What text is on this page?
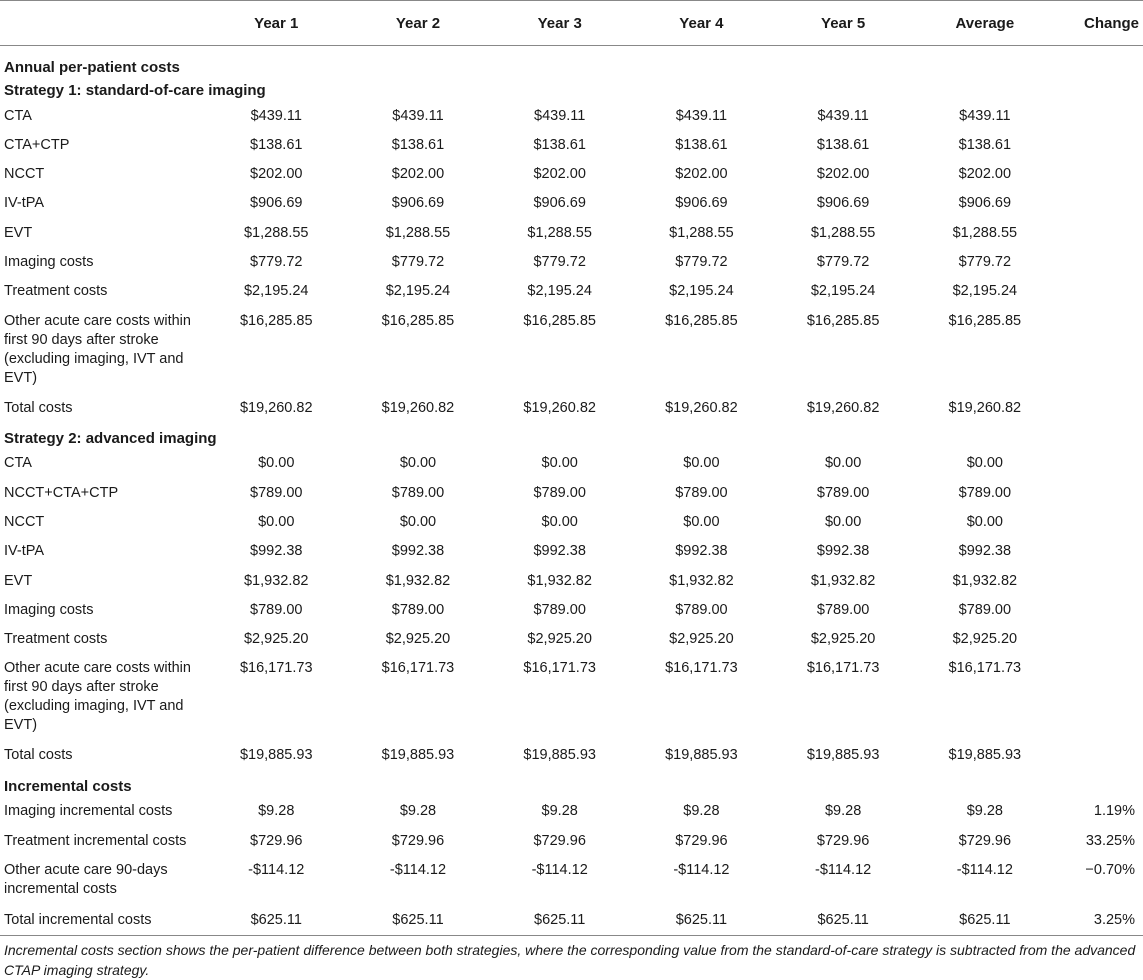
	Year 1	Year 2	Year 3	Year 4	Year 5	Average	Change
Annual per-patient costs							
Strategy 1: standard-of-care imaging							
CTA	$439.11	$439.11	$439.11	$439.11	$439.11	$439.11	
CTA+CTP	$138.61	$138.61	$138.61	$138.61	$138.61	$138.61	
NCCT	$202.00	$202.00	$202.00	$202.00	$202.00	$202.00	
IV-tPA	$906.69	$906.69	$906.69	$906.69	$906.69	$906.69	
EVT	$1,288.55	$1,288.55	$1,288.55	$1,288.55	$1,288.55	$1,288.55	
Imaging costs	$779.72	$779.72	$779.72	$779.72	$779.72	$779.72	
Treatment costs	$2,195.24	$2,195.24	$2,195.24	$2,195.24	$2,195.24	$2,195.24	
Other acute care costs within first 90 days after stroke (excluding imaging, IVT and EVT)	$16,285.85	$16,285.85	$16,285.85	$16,285.85	$16,285.85	$16,285.85	
Total costs	$19,260.82	$19,260.82	$19,260.82	$19,260.82	$19,260.82	$19,260.82	
Strategy 2: advanced imaging							
CTA	$0.00	$0.00	$0.00	$0.00	$0.00	$0.00	
NCCT+CTA+CTP	$789.00	$789.00	$789.00	$789.00	$789.00	$789.00	
NCCT	$0.00	$0.00	$0.00	$0.00	$0.00	$0.00	
IV-tPA	$992.38	$992.38	$992.38	$992.38	$992.38	$992.38	
EVT	$1,932.82	$1,932.82	$1,932.82	$1,932.82	$1,932.82	$1,932.82	
Imaging costs	$789.00	$789.00	$789.00	$789.00	$789.00	$789.00	
Treatment costs	$2,925.20	$2,925.20	$2,925.20	$2,925.20	$2,925.20	$2,925.20	
Other acute care costs within first 90 days after stroke (excluding imaging, IVT and EVT)	$16,171.73	$16,171.73	$16,171.73	$16,171.73	$16,171.73	$16,171.73	
Total costs	$19,885.93	$19,885.93	$19,885.93	$19,885.93	$19,885.93	$19,885.93	
Incremental costs							
Imaging incremental costs	$9.28	$9.28	$9.28	$9.28	$9.28	$9.28	1.19%
Treatment incremental costs	$729.96	$729.96	$729.96	$729.96	$729.96	$729.96	33.25%
Other acute care 90-days incremental costs	-$114.12	-$114.12	-$114.12	-$114.12	-$114.12	-$114.12	−0.70%
Total incremental costs	$625.11	$625.11	$625.11	$625.11	$625.11	$625.11	3.25%
Incremental costs section shows the per-patient difference between both strategies, where the corresponding value from the standard-of-care strategy is subtracted from the advanced CTAP imaging strategy.
